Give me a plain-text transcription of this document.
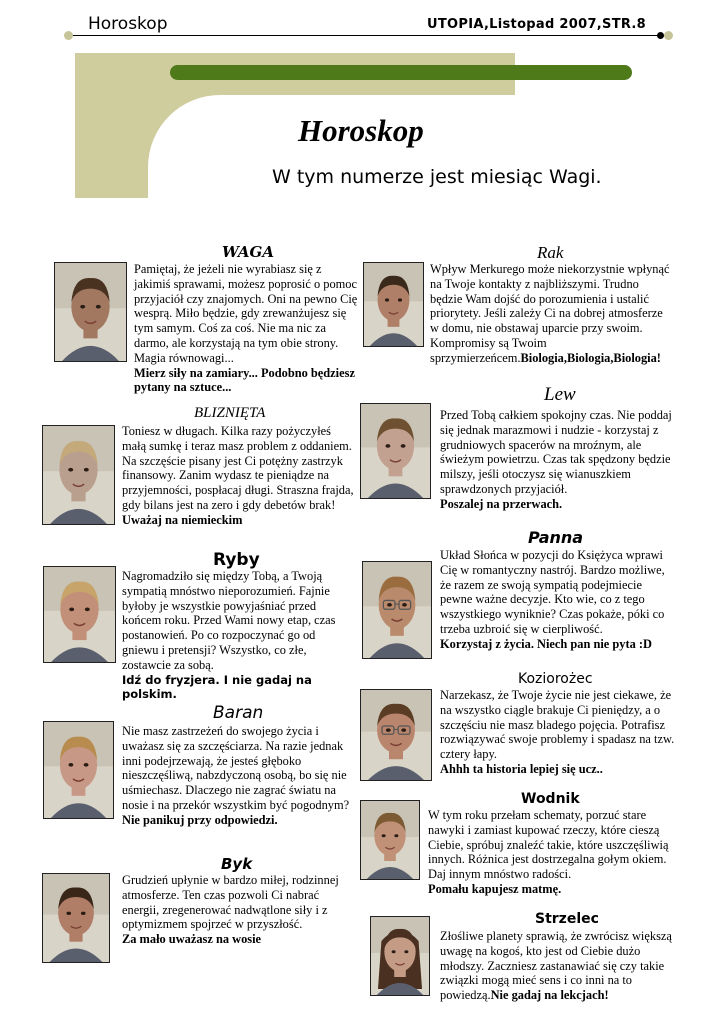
Horoskop	UTOPIA,Listopad 2007,STR.8
Horoskop
W tym numerze jest miesiąc Wagi.
WAGA

Pamiętaj, że jeżeli nie wyrabiasz się z jakimiś sprawami, możesz poprosić o pomoc przyjaciół czy znajomych. Oni na pewno Cię wesprą. Miło będzie, gdy zrewanżujesz się tym samym. Coś za coś. Nie ma nic za darmo, ale korzystają na tym obie strony. Magia równowagi...

Mierz siły na zamiary... Podobno będziesz pytany na sztuce...

Rak

Wpływ Merkurego może niekorzystnie wpłynąć na Twoje kontakty z najbliższymi. Trudno będzie Wam dojść do porozumienia i ustalić priorytety. Jeśli zależy Ci na dobrej atmosferze w domu, nie obstawaj uparcie przy swoim. Kompromisy są Twoim sprzymierzeńcem.Biologia,Biologia,Biologia!

BLIZNIĘTA

Toniesz w długach. Kilka razy pożyczyłeś małą sumkę i teraz masz problem z oddaniem. Na szczęście pisany jest Ci potężny zastrzyk finansowy. Zanim wydasz te pieniądze na przyjemności, pospłacaj długi. Straszna frajda, gdy bilans jest na zero i gdy debetów brak!

Uważaj na niemieckim

Lew

Przed Tobą całkiem spokojny czas. Nie poddaj się jednak marazmowi i nudzie - korzystaj z grudniowych spacerów na mroźnym, ale świeżym powietrzu. Czas tak spędzony będzie milszy, jeśli otoczysz się wianuszkiem sprawdzonych przyjaciół.

Poszalej na przerwach.

Ryby

Nagromadziło się między Tobą, a Twoją sympatią mnóstwo nieporozumień. Fajnie byłoby je wszystkie powyjaśniać przed końcem roku. Przed Wami nowy etap, czas postanowień. Po co rozpoczynać go od gniewu i pretensji? Wszystko, co złe, zostawcie za sobą.

Idź do fryzjera. I nie gadaj na polskim.

Panna

Układ Słońca w pozycji do Księżyca wprawi Cię w romantyczny nastrój. Bardzo możliwe, że razem ze swoją sympatią podejmiecie pewne ważne decyzje. Kto wie, co z tego wszystkiego wyniknie? Czas pokaże, póki co trzeba uzbroić się w cierpliwość.

Korzystaj z życia. Niech pan nie pyta :D

Baran

Nie masz zastrzeżeń do swojego życia i uważasz się za szczęściarza. Na razie jednak inni podejrzewają, że jesteś głęboko nieszczęśliwą, nabzdyczoną osobą, bo się nie uśmiechasz. Dlaczego nie zagrać światu na nosie i na przekór wszystkim być pogodnym?

Nie panikuj przy odpowiedzi.

Koziorożec

Narzekasz, że Twoje życie nie jest ciekawe, że na wszystko ciągle brakuje Ci pieniędzy, a o szczęściu nie masz bladego pojęcia. Potrafisz rozwiązywać swoje problemy i spadasz na tzw. cztery łapy.

Ahhh ta historia lepiej się ucz..

Wodnik

W tym roku przełam schematy, porzuć stare nawyki i zamiast kupować rzeczy, które cieszą Ciebie, spróbuj znaleźć takie, które uszczęśliwią innych. Różnica jest dostrzegalna gołym okiem. Daj innym mnóstwo radości.

Pomału kapujesz matmę.

Byk

Grudzień upłynie w bardzo miłej, rodzinnej atmosferze. Ten czas pozwoli Ci nabrać energii, zregenerować nadwątlone siły i z optymizmem spojrzeć w przyszłość.

Za mało uważasz na wosie

Strzelec

Złośliwe planety sprawią, że zwrócisz większą uwagę na kogoś, kto jest od Ciebie dużo młodszy. Zaczniesz zastanawiać się czy takie związki mogą mieć sens i co inni na to powiedzą.Nie gadaj na lekcjach!
